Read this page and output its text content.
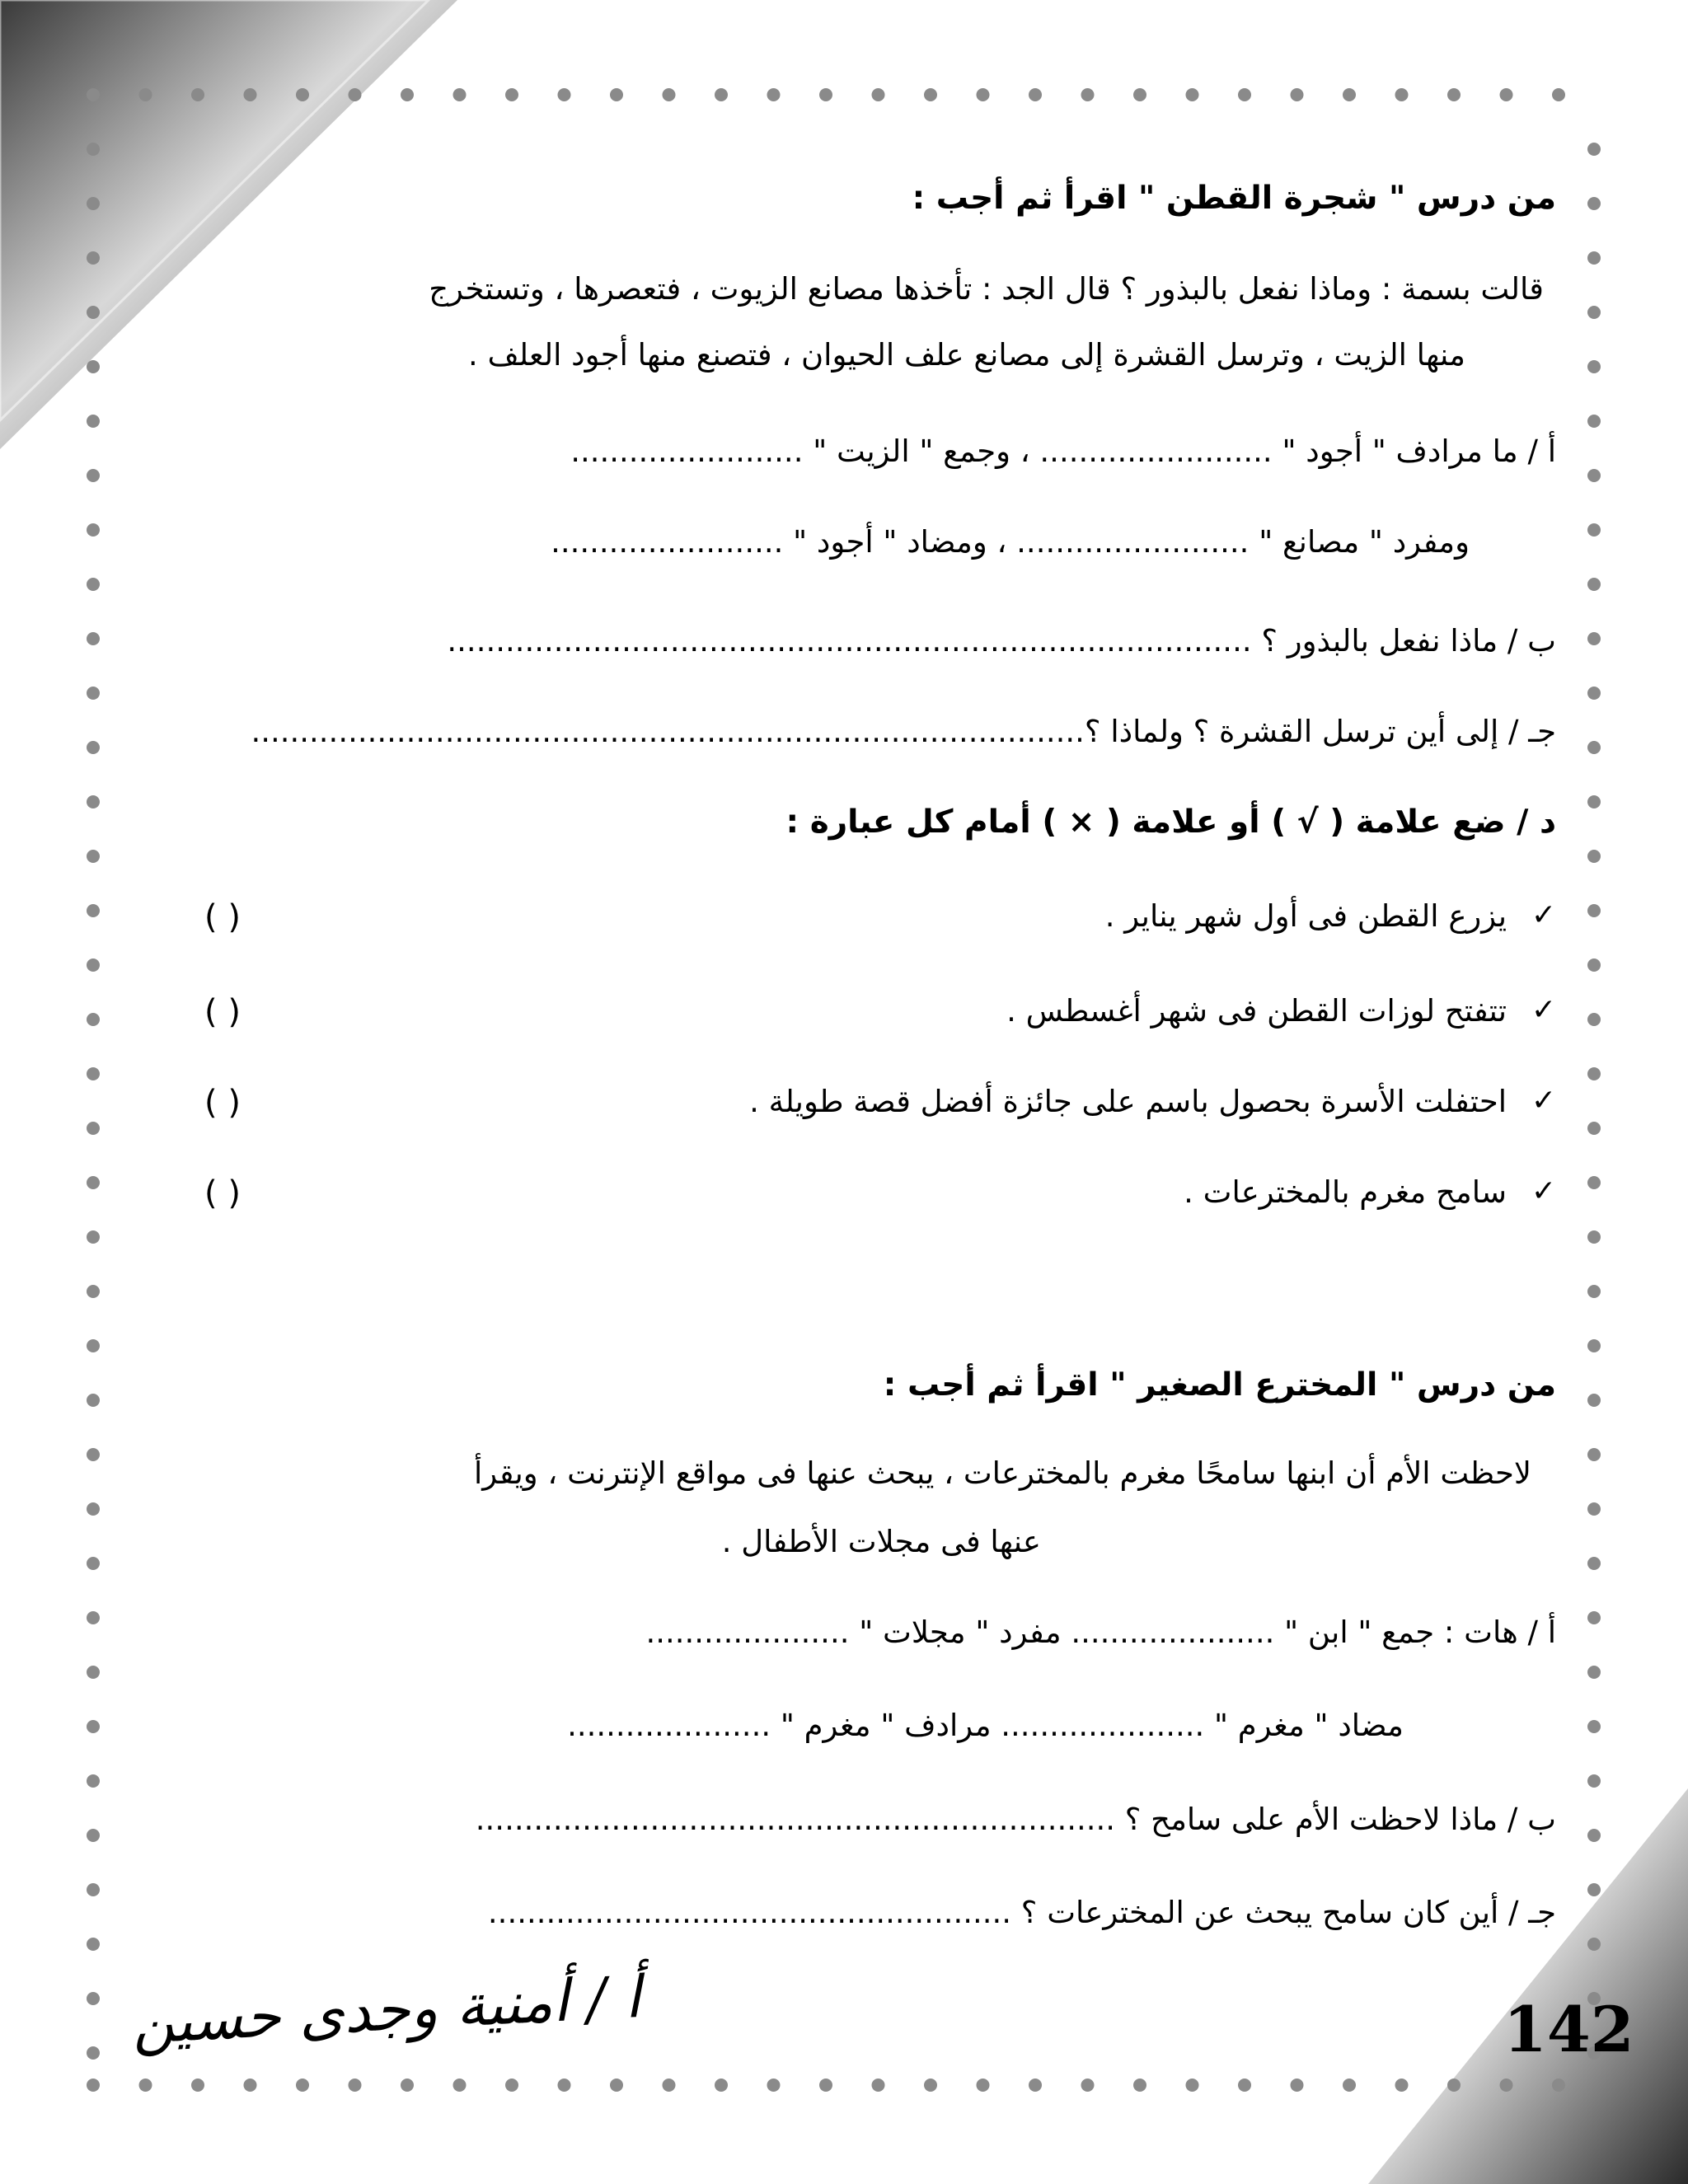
من درس " شجرة القطن " اقرأ ثم أجب :
قالت بسمة : وماذا نفعل بالبذور ؟ قال الجد : تأخذها مصانع الزيوت ، فتعصرها ، وتستخرج
منها الزيت ، وترسل القشرة إلى مصانع علف الحيوان ، فتصنع منها أجود العلف .
أ / ما مرادف " أجود " ........................ ، وجمع " الزيت " ........................
ومفرد " مصانع " ........................ ، ومضاد " أجود " ........................
ب / ماذا نفعل بالبذور ؟ ...................................................................................
جـ / إلى أين ترسل القشرة ؟ ولماذا ؟......................................................................................
د / ضع علامة ( √ ) أو علامة ( × ) أمام كل عبارة :
✓
يزرع القطن فى أول شهر يناير .
( )
✓
تتفتح لوزات القطن فى شهر أغسطس .
( )
✓
احتفلت الأسرة بحصول باسم على جائزة أفضل قصة طويلة .
( )
✓
سامح مغرم بالمخترعات .
( )
من درس " المخترع الصغير " اقرأ ثم أجب :
لاحظت الأم أن ابنها سامحًا مغرم بالمخترعات ، يبحث عنها فى مواقع الإنترنت ، ويقرأ
عنها فى مجلات الأطفال .
أ / هات : جمع " ابن " ..................... مفرد " مجلات " .....................
مضاد " مغرم " ..................... مرادف " مغرم " .....................
ب / ماذا لاحظت الأم على سامح ؟ ..................................................................
جـ / أين كان سامح يبحث عن المخترعات ؟ ......................................................
أ / أمنية وجدى حسين	142
